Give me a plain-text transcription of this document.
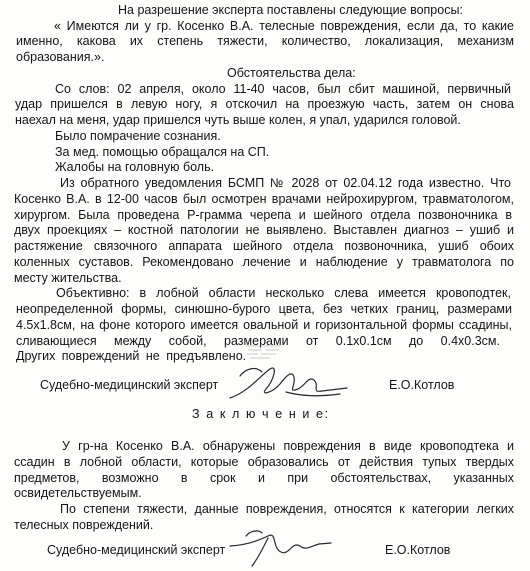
На разрешение эксперта поставлены следующие вопросы:
« Имеются ли у гр. Косенко В.А. телесные повреждения, если да, то какие
именно, какова их степень тяжести, количество, локализация, механизм
образования.».
Обстоятельства дела:
Со слов: 02 апреля, около 11-40 часов, был сбит машиной, первичный
удар пришелся в левую ногу, я отскочил на проезжую часть, затем он снова
наехал на меня, удар пришелся чуть выше колен, я упал, ударился головой.
Было помрачение сознания.
За мед. помощью обращался на СП.
Жалобы на головную боль.
Из обратного уведомления БСМП № 2028 от 02.04.12 года известно. Что
Косенко В.А. в 12-00 часов был осмотрен врачами нейрохирургом, травматологом,
хирургом. Была проведена Р-грамма черепа и шейного отдела позвоночника в
двух проекциях – костной патологии не выявлено. Выставлен диагноз – ушиб и
растяжение связочного аппарата шейного отдела позвоночника, ушиб обоих
коленных суставов. Рекомендовано лечение и наблюдение у травматолога по
месту жительства.
Объективно: в лобной области несколько слева имеется кровоподтек,
неопределенной формы, синюшно-бурого цвета, без четких границ, размерами
4.5х1.8см, на фоне которого имеется овальной и горизонтальной формы ссадины,
сливающиеся между собой, размерами от 0.1х0.1см до 0.4х0.3см.
Других повреждений не предъявлено.
Судебно-медицинский эксперт	Е.О.Котлов
З а к л ю ч е н и е:
У гр-на Косенко В.А. обнаружены повреждения в виде кровоподтека и
ссадин в лобной области, которые образовались от действия тупых твердых
предметов, возможно в срок и при обстоятельствах, указанных
освидетельствуемым.
По степени тяжести, данные повреждения, относятся к категории легких
телесных повреждений.
Судебно-медицинский эксперт	Е.О.Котлов
